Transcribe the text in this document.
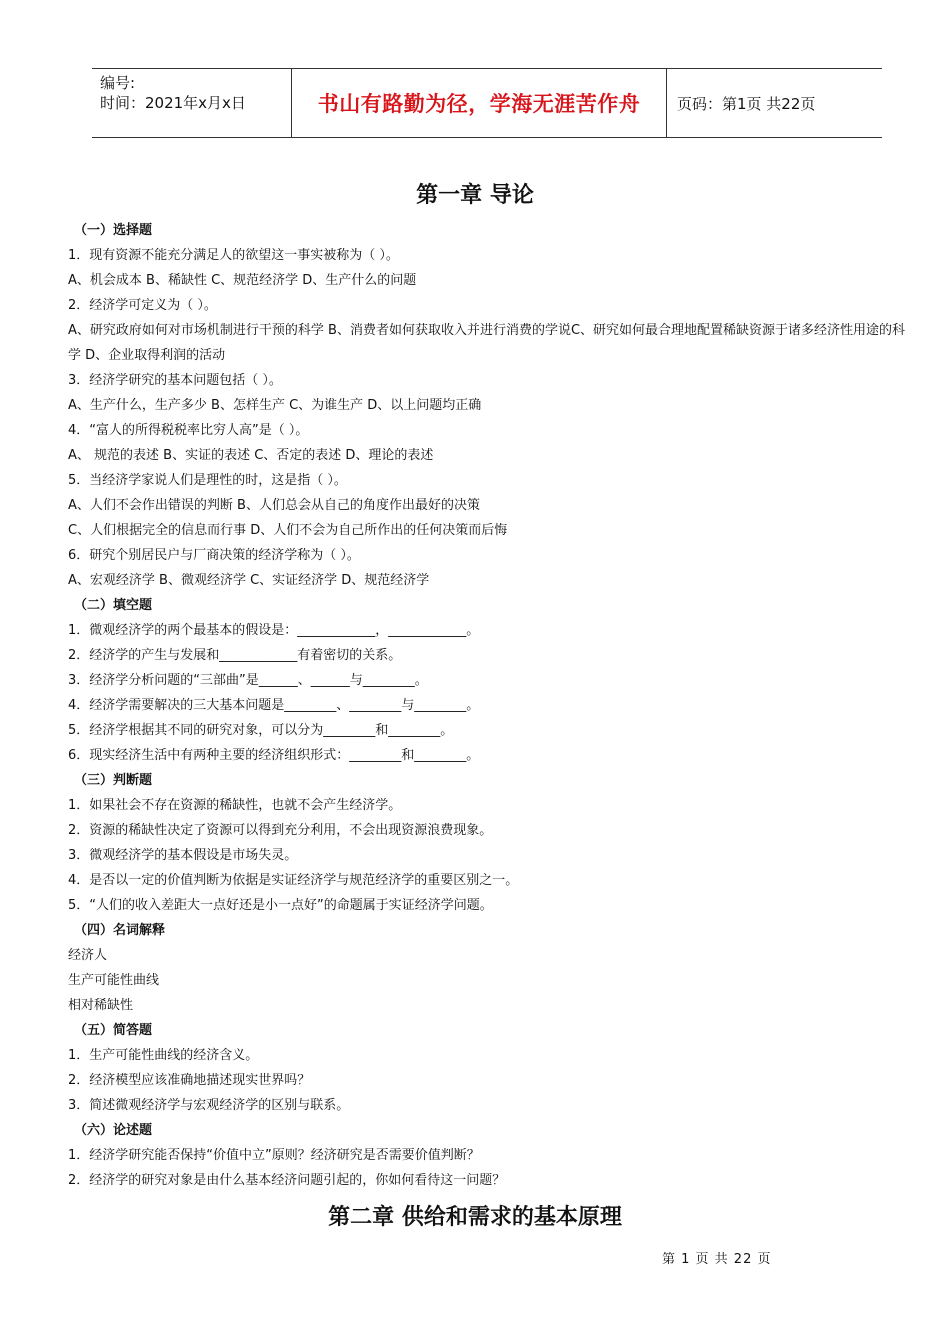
编号:
时间：2021年x月x日	书山有路勤为径，学海无涯苦作舟	页码：第1页 共22页
第一章 导论
（一）选择题
1．现有资源不能充分满足人的欲望这一事实被称为（ ）。
A、机会成本 B、稀缺性 C、规范经济学 D、生产什么的问题
2．经济学可定义为（ ）。
A、研究政府如何对市场机制进行干预的科学 B、消费者如何获取收入并进行消费的学说C、研究如何最合理地配置稀缺资源于诸多经济性用途的科学 D、企业取得利润的活动
3．经济学研究的基本问题包括（ ）。
A、生产什么，生产多少 B、怎样生产 C、为谁生产 D、以上问题均正确
4．“富人的所得税税率比穷人高”是（ ）。
A、 规范的表述 B、实证的表述 C、否定的表述 D、理论的表述
5．当经济学家说人们是理性的时，这是指（ ）。
A、人们不会作出错误的判断 B、人们总会从自己的角度作出最好的决策
C、人们根据完全的信息而行事 D、人们不会为自己所作出的任何决策而后悔
6．研究个别居民户与厂商决策的经济学称为（ ）。
A、宏观经济学 B、微观经济学 C、实证经济学 D、规范经济学
（二）填空题
1．微观经济学的两个最基本的假设是：____________，____________。
2．经济学的产生与发展和____________有着密切的关系。
3．经济学分析问题的“三部曲”是______、______与________。
4．经济学需要解决的三大基本问题是________、________与________。
5．经济学根据其不同的研究对象，可以分为________和________。
6．现实经济生活中有两种主要的经济组织形式：________和________。
（三）判断题
1．如果社会不存在资源的稀缺性，也就不会产生经济学。
2．资源的稀缺性决定了资源可以得到充分利用，不会出现资源浪费现象。
3．微观经济学的基本假设是市场失灵。
4．是否以一定的价值判断为依据是实证经济学与规范经济学的重要区别之一。
5．“人们的收入差距大一点好还是小一点好”的命题属于实证经济学问题。
（四）名词解释
经济人
生产可能性曲线
相对稀缺性
（五）简答题
1．生产可能性曲线的经济含义。
2．经济模型应该准确地描述现实世界吗？
3．简述微观经济学与宏观经济学的区别与联系。
（六）论述题
1．经济学研究能否保持“价值中立”原则？经济研究是否需要价值判断？
2．经济学的研究对象是由什么基本经济问题引起的，你如何看待这一问题？
第二章 供给和需求的基本原理
第 1 页 共 22 页
